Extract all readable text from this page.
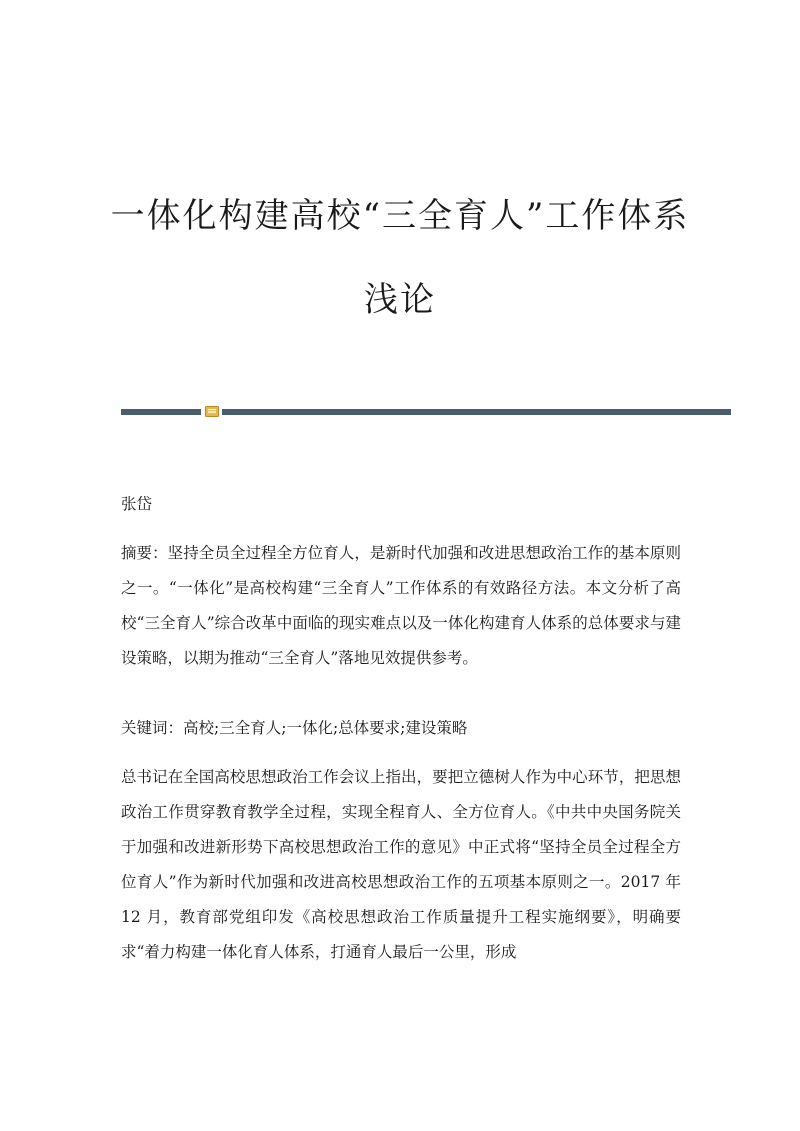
一体化构建高校“三全育人”工作体系
浅论

张岱

摘要：坚持全员全过程全方位育人，是新时代加强和改进思想政治工作的基本原则之一。“一体化”是高校构建“三全育人”工作体系的有效路径方法。本文分析了高校“三全育人”综合改革中面临的现实难点以及一体化构建育人体系的总体要求与建设策略，以期为推动“三全育人”落地见效提供参考。

关键词：高校;三全育人;一体化;总体要求;建设策略

总书记在全国高校思想政治工作会议上指出，要把立德树人作为中心环节，把思想政治工作贯穿教育教学全过程，实现全程育人、全方位育人。《中共中央国务院关于加强和改进新形势下高校思想政治工作的意见》中正式将“坚持全员全过程全方位育人”作为新时代加强和改进高校思想政治工作的五项基本原则之一。2017 年 12 月，教育部党组印发《高校思想政治工作质量提升工程实施纲要》，明确要求“着力构建一体化育人体系，打通育人最后一公里，形成
